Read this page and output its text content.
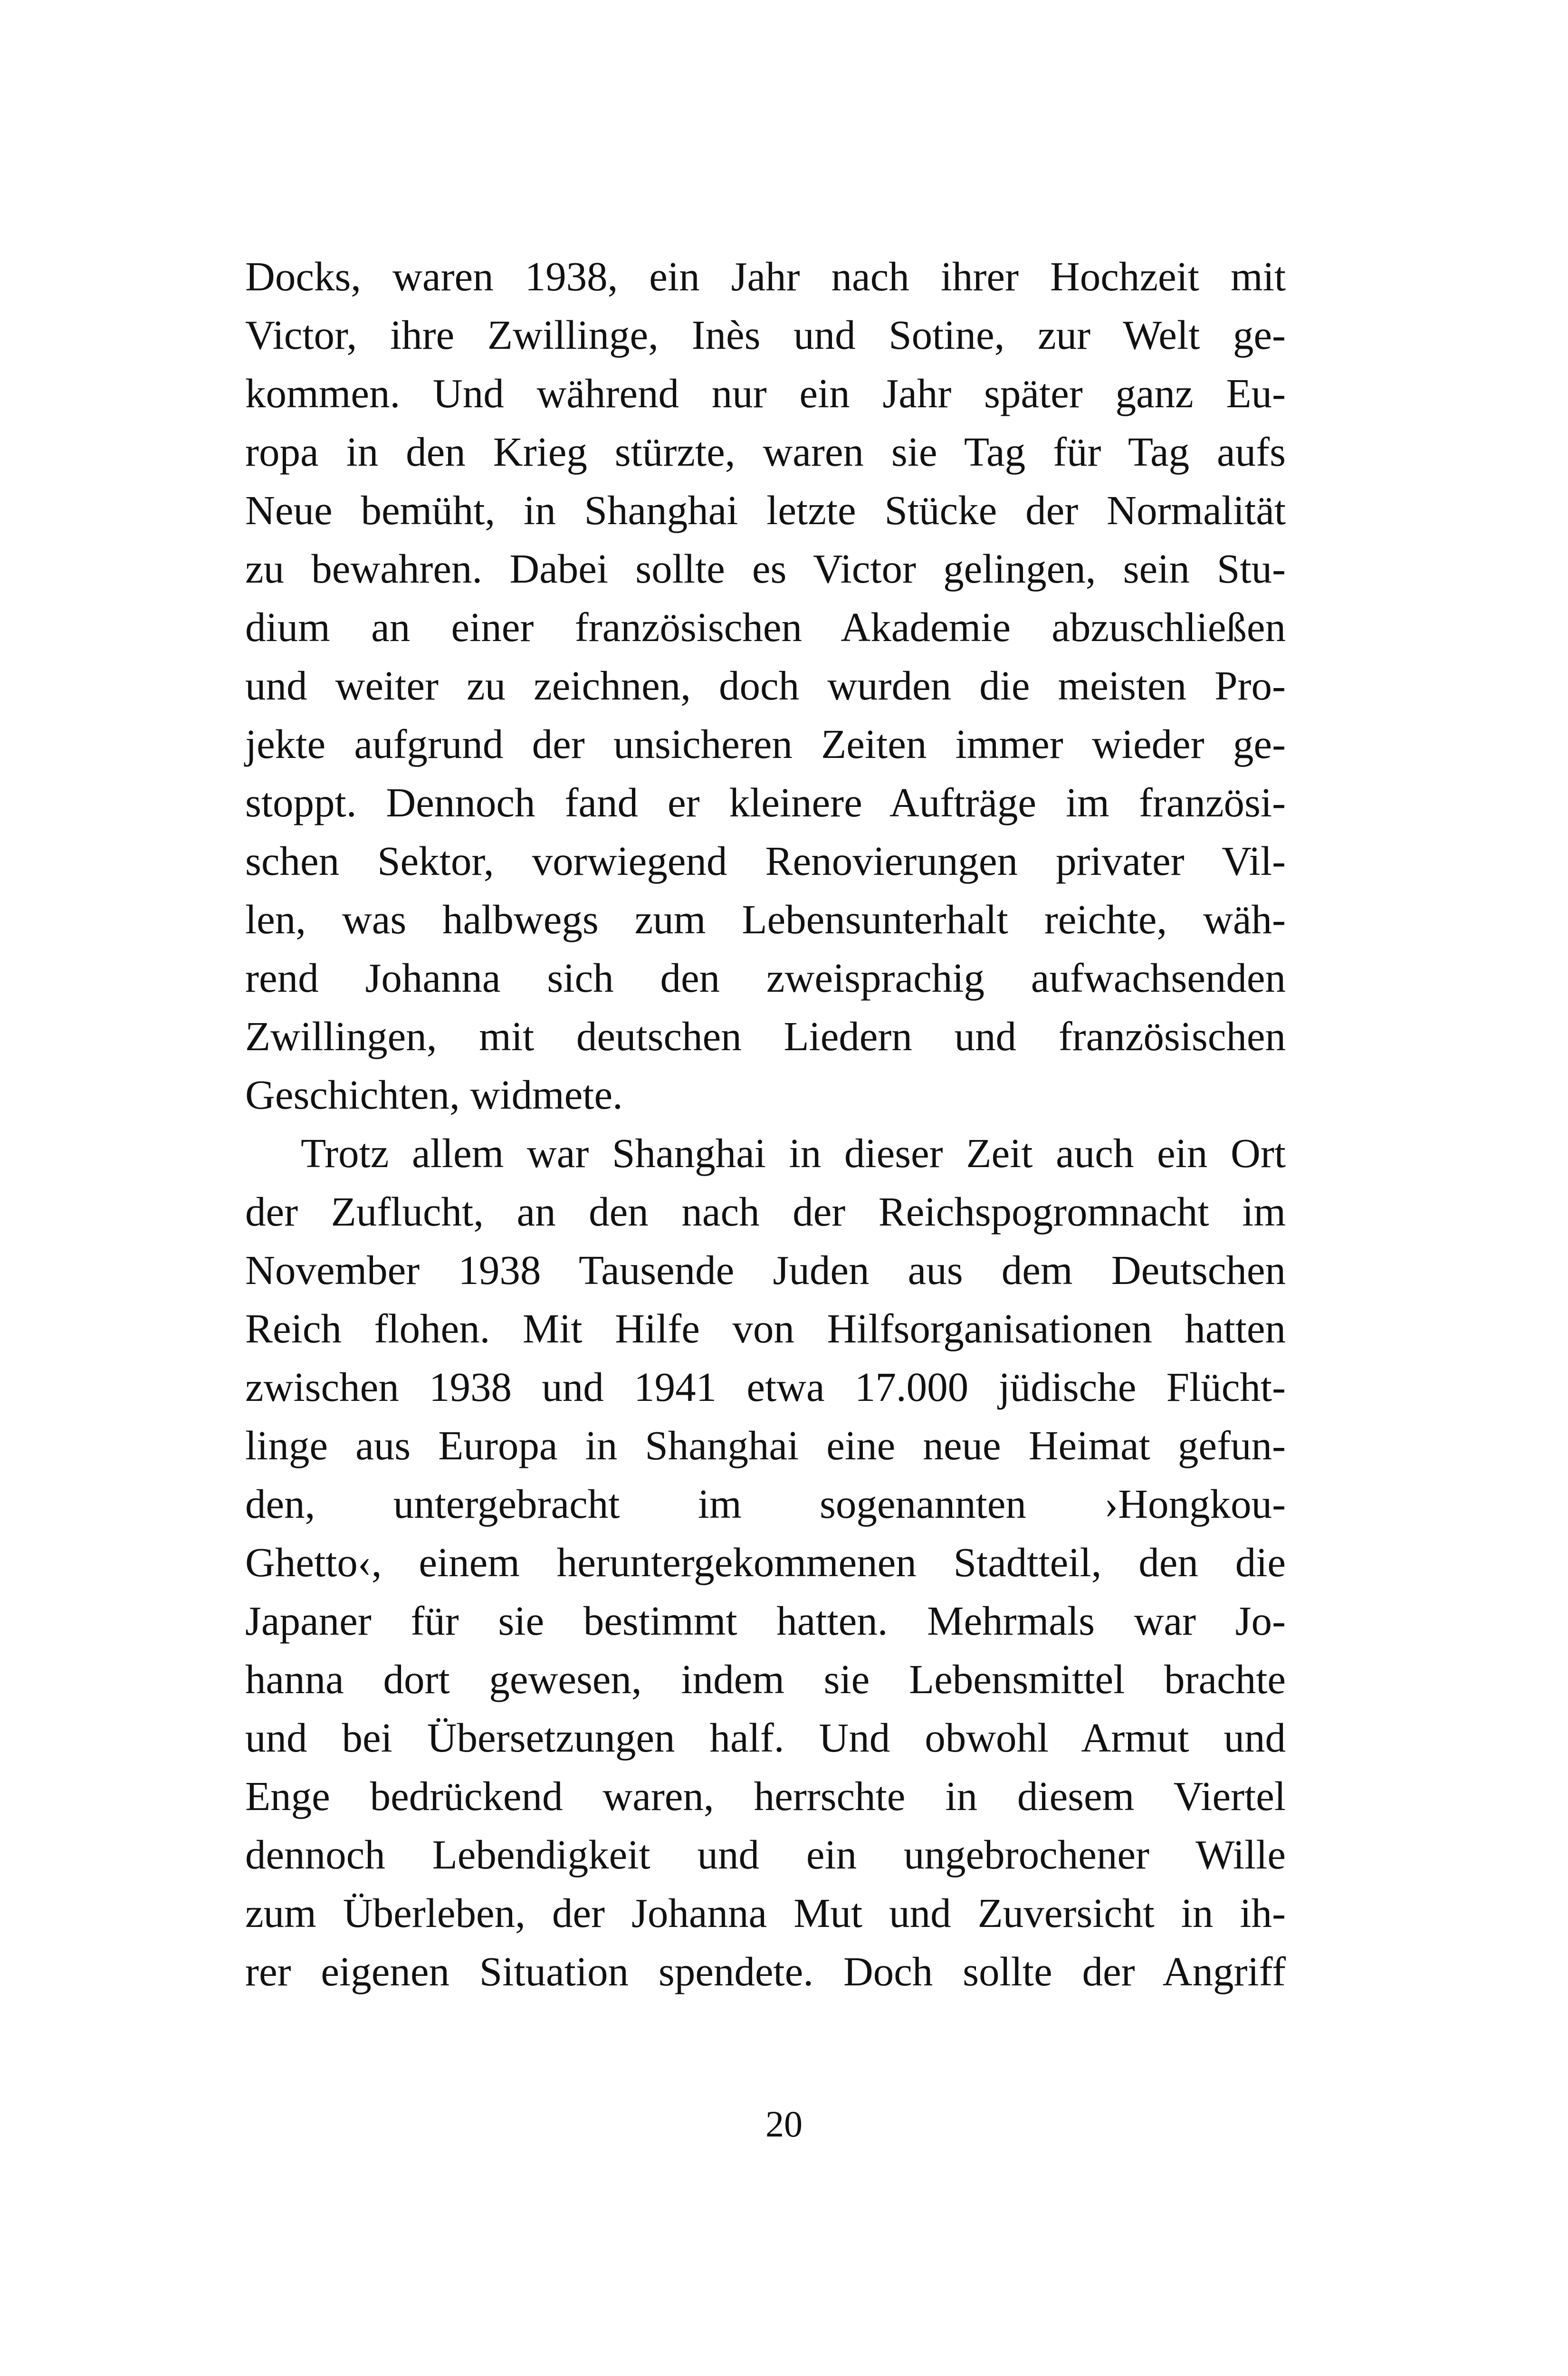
Docks, waren 1938, ein Jahr nach ihrer Hochzeit mit
Victor, ihre Zwillinge, Inès und Sotine, zur Welt ge-
kommen. Und während nur ein Jahr später ganz Eu-
ropa in den Krieg stürzte, waren sie Tag für Tag aufs
Neue bemüht, in Shanghai letzte Stücke der Normalität
zu bewahren. Dabei sollte es Victor gelingen, sein Stu-
dium an einer französischen Akademie abzuschließen
und weiter zu zeichnen, doch wurden die meisten Pro-
jekte aufgrund der unsicheren Zeiten immer wieder ge-
stoppt. Dennoch fand er kleinere Aufträge im französi-
schen Sektor, vorwiegend Renovierungen privater Vil-
len, was halbwegs zum Lebensunterhalt reichte, wäh-
rend Johanna sich den zweisprachig aufwachsenden
Zwillingen, mit deutschen Liedern und französischen
Geschichten, widmete.
Trotz allem war Shanghai in dieser Zeit auch ein Ort
der Zuflucht, an den nach der Reichspogromnacht im
November 1938 Tausende Juden aus dem Deutschen
Reich flohen. Mit Hilfe von Hilfsorganisationen hatten
zwischen 1938 und 1941 etwa 17.000 jüdische Flücht-
linge aus Europa in Shanghai eine neue Heimat gefun-
den, untergebracht im sogenannten ›Hongkou-
Ghetto‹, einem heruntergekommenen Stadtteil, den die
Japaner für sie bestimmt hatten. Mehrmals war Jo-
hanna dort gewesen, indem sie Lebensmittel brachte
und bei Übersetzungen half. Und obwohl Armut und
Enge bedrückend waren, herrschte in diesem Viertel
dennoch Lebendigkeit und ein ungebrochener Wille
zum Überleben, der Johanna Mut und Zuversicht in ih-
rer eigenen Situation spendete. Doch sollte der Angriff
20
